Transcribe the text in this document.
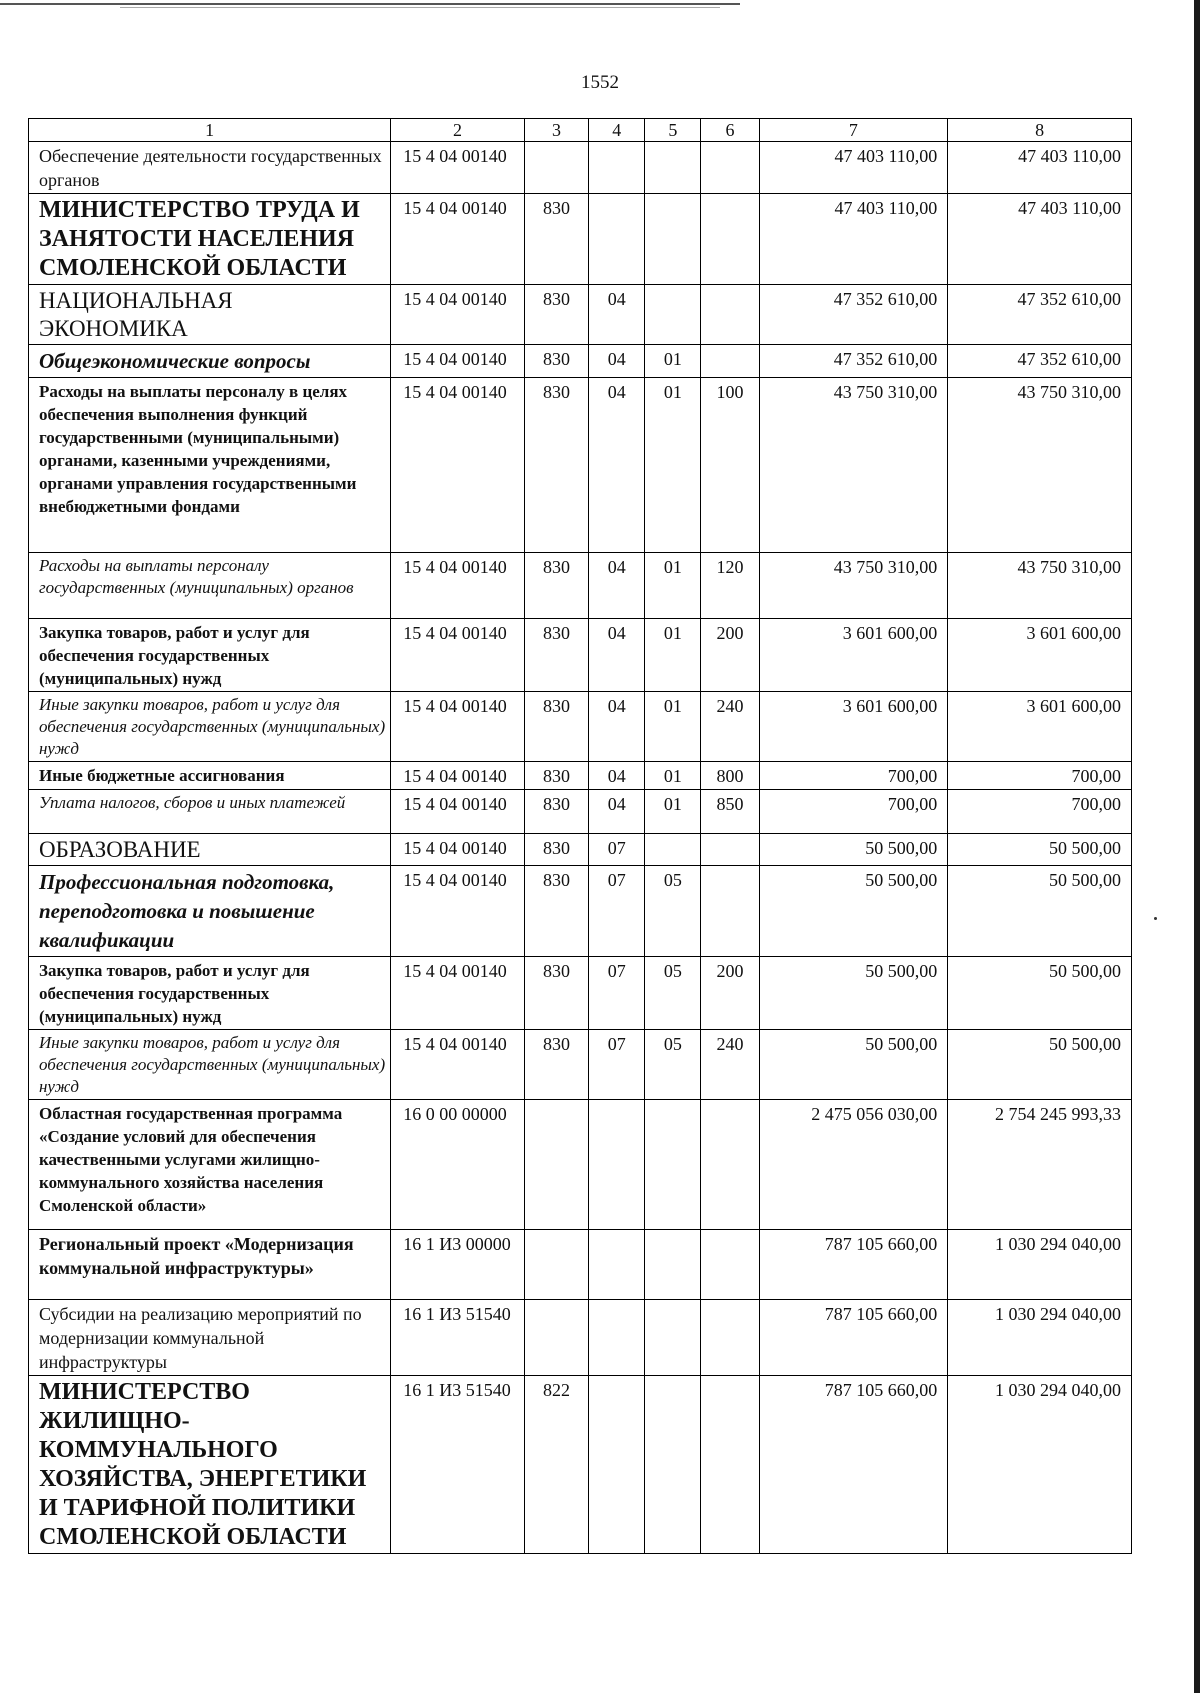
1552
1	2	3	4	5	6	7	8
Обеспечение деятельности государственных органов	15 4 04 00140					47 403 110,00	47 403 110,00
МИНИСТЕРСТВО ТРУДА И ЗАНЯТОСТИ НАСЕЛЕНИЯ СМОЛЕНСКОЙ ОБЛАСТИ	15 4 04 00140	830				47 403 110,00	47 403 110,00
НАЦИОНАЛЬНАЯ ЭКОНОМИКА	15 4 04 00140	830	04			47 352 610,00	47 352 610,00
Общеэкономические вопросы	15 4 04 00140	830	04	01		47 352 610,00	47 352 610,00
Расходы на выплаты персоналу в целях обеспечения выполнения функций государственными (муниципальными) органами, казенными учреждениями, органами управления государственными внебюджетными фондами	15 4 04 00140	830	04	01	100	43 750 310,00	43 750 310,00
Расходы на выплаты персоналу государственных (муниципальных) органов	15 4 04 00140	830	04	01	120	43 750 310,00	43 750 310,00
Закупка товаров, работ и услуг для обеспечения государственных (муниципальных) нужд	15 4 04 00140	830	04	01	200	3 601 600,00	3 601 600,00
Иные закупки товаров, работ и услуг для обеспечения государственных (муниципальных) нужд	15 4 04 00140	830	04	01	240	3 601 600,00	3 601 600,00
Иные бюджетные ассигнования	15 4 04 00140	830	04	01	800	700,00	700,00
Уплата налогов, сборов и иных платежей	15 4 04 00140	830	04	01	850	700,00	700,00
ОБРАЗОВАНИЕ	15 4 04 00140	830	07			50 500,00	50 500,00
Профессиональная подготовка, переподготовка и повышение квалификации	15 4 04 00140	830	07	05		50 500,00	50 500,00
Закупка товаров, работ и услуг для обеспечения государственных (муниципальных) нужд	15 4 04 00140	830	07	05	200	50 500,00	50 500,00
Иные закупки товаров, работ и услуг для обеспечения государственных (муниципальных) нужд	15 4 04 00140	830	07	05	240	50 500,00	50 500,00
Областная государственная программа «Создание условий для обеспечения качественными услугами жилищно-коммунального хозяйства населения Смоленской области»	16 0 00 00000					2 475 056 030,00	2 754 245 993,33
Региональный проект «Модернизация коммунальной инфраструктуры»	16 1 И3 00000					787 105 660,00	1 030 294 040,00
Субсидии на реализацию мероприятий по модернизации коммунальной инфраструктуры	16 1 И3 51540					787 105 660,00	1 030 294 040,00
МИНИСТЕРСТВО ЖИЛИЩНО-КОММУНАЛЬНОГО ХОЗЯЙСТВА, ЭНЕРГЕТИКИ И ТАРИФНОЙ ПОЛИТИКИ СМОЛЕНСКОЙ ОБЛАСТИ	16 1 И3 51540	822				787 105 660,00	1 030 294 040,00
